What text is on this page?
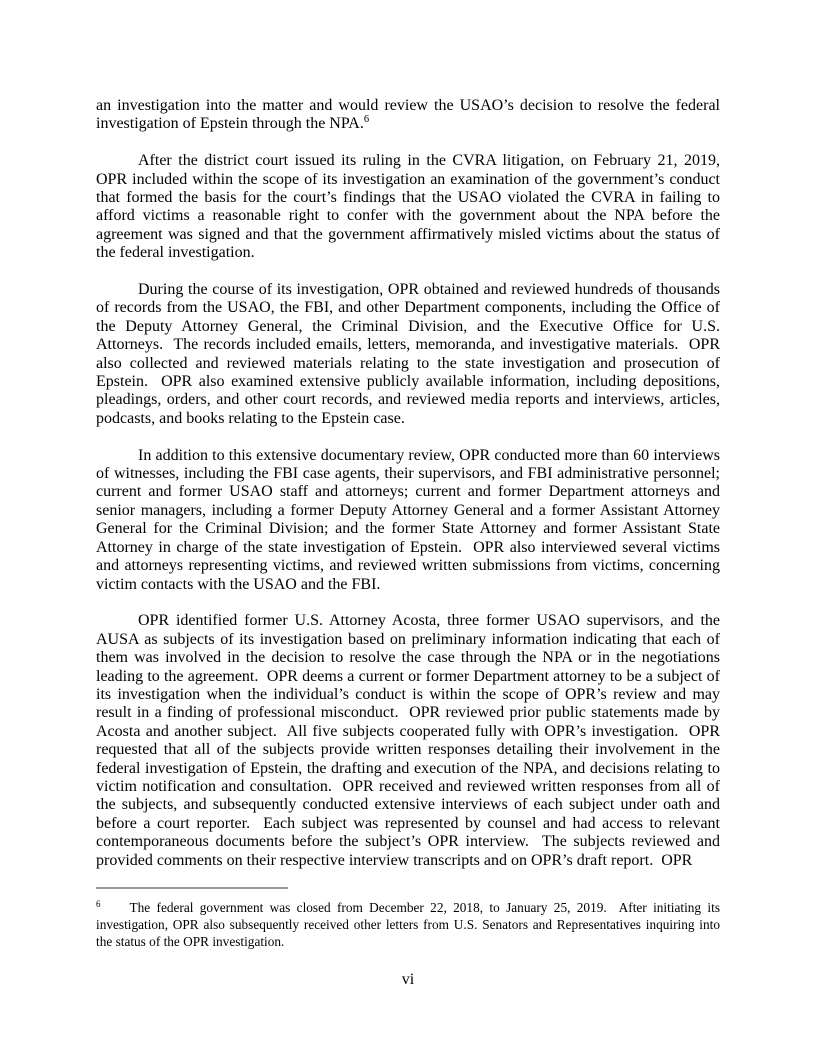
an investigation into the matter and would review the USAO’s decision to resolve the federal investigation of Epstein through the NPA.$^6$

After the district court issued its ruling in the CVRA litigation, on February 21, 2019, OPR included within the scope of its investigation an examination of the government’s conduct that formed the basis for the court’s findings that the USAO violated the CVRA in failing to afford victims a reasonable right to confer with the government about the NPA before the agreement was signed and that the government affirmatively misled victims about the status of the federal investigation.

During the course of its investigation, OPR obtained and reviewed hundreds of thousands of records from the USAO, the FBI, and other Department components, including the Office of the Deputy Attorney General, the Criminal Division, and the Executive Office for U.S. Attorneys.  The records included emails, letters, memoranda, and investigative materials.  OPR also collected and reviewed materials relating to the state investigation and prosecution of Epstein.  OPR also examined extensive publicly available information, including depositions, pleadings, orders, and other court records, and reviewed media reports and interviews, articles, podcasts, and books relating to the Epstein case.

In addition to this extensive documentary review, OPR conducted more than 60 interviews of witnesses, including the FBI case agents, their supervisors, and FBI administrative personnel; current and former USAO staff and attorneys; current and former Department attorneys and senior managers, including a former Deputy Attorney General and a former Assistant Attorney General for the Criminal Division; and the former State Attorney and former Assistant State Attorney in charge of the state investigation of Epstein.  OPR also interviewed several victims and attorneys representing victims, and reviewed written submissions from victims, concerning victim contacts with the USAO and the FBI.

OPR identified former U.S. Attorney Acosta, three former USAO supervisors, and the AUSA as subjects of its investigation based on preliminary information indicating that each of them was involved in the decision to resolve the case through the NPA or in the negotiations leading to the agreement.  OPR deems a current or former Department attorney to be a subject of its investigation when the individual’s conduct is within the scope of OPR’s review and may result in a finding of professional misconduct.  OPR reviewed prior public statements made by Acosta and another subject.  All five subjects cooperated fully with OPR’s investigation.  OPR requested that all of the subjects provide written responses detailing their involvement in the federal investigation of Epstein, the drafting and execution of the NPA, and decisions relating to victim notification and consultation.  OPR received and reviewed written responses from all of the subjects, and subsequently conducted extensive interviews of each subject under oath and before a court reporter.  Each subject was represented by counsel and had access to relevant contemporaneous documents before the subject’s OPR interview.  The subjects reviewed and provided comments on their respective interview transcripts and on OPR’s draft report.  OPR

$^6$ The federal government was closed from December 22, 2018, to January 25, 2019.  After initiating its investigation, OPR also subsequently received other letters from U.S. Senators and Representatives inquiring into the status of the OPR investigation.

vi
